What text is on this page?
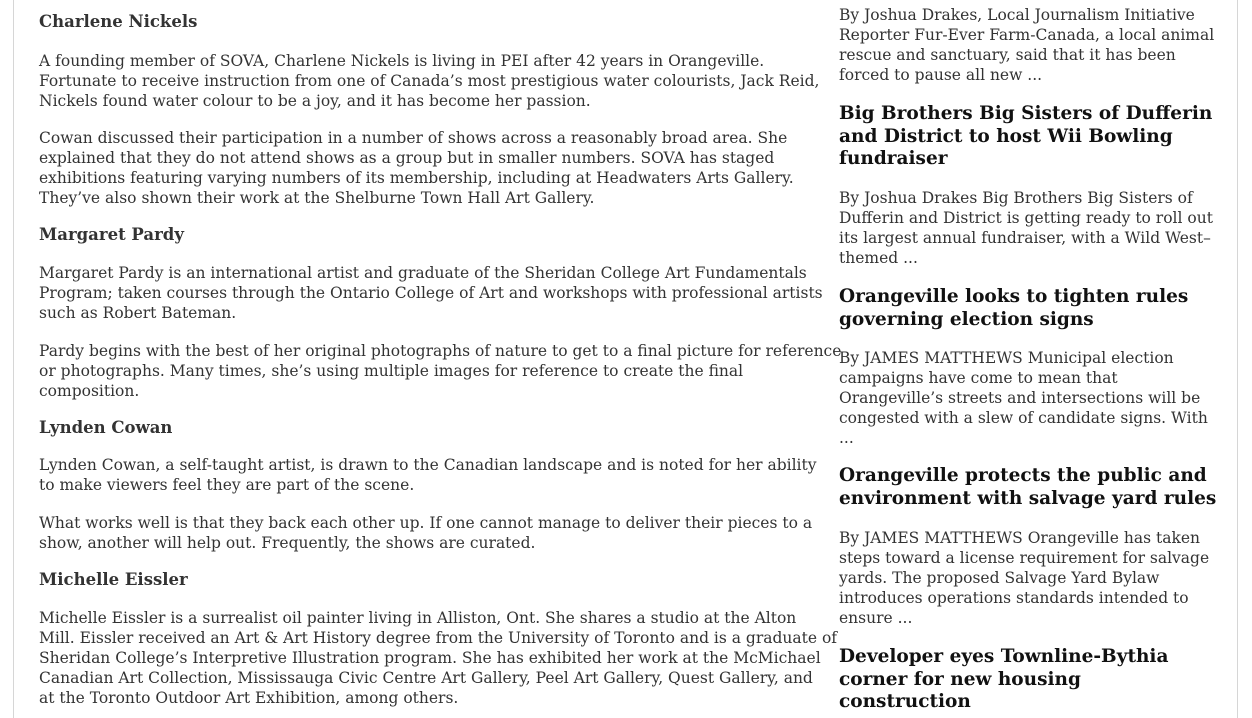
Charlene Nickels
A founding member of SOVA, Charlene Nickels is living in PEI after 42 years in Orangeville.
Fortunate to receive instruction from one of Canada’s most prestigious water colourists, Jack Reid,
Nickels found water colour to be a joy, and it has become her passion.
Cowan discussed their participation in a number of shows across a reasonably broad area. She
explained that they do not attend shows as a group but in smaller numbers. SOVA has staged
exhibitions featuring varying numbers of its membership, including at Headwaters Arts Gallery.
They’ve also shown their work at the Shelburne Town Hall Art Gallery.
Margaret Pardy
Margaret Pardy is an international artist and graduate of the Sheridan College Art Fundamentals
Program; taken courses through the Ontario College of Art and workshops with professional artists
such as Robert Bateman.
Pardy begins with the best of her original photographs of nature to get to a final picture for reference
or photographs. Many times, she’s using multiple images for reference to create the final
composition.
Lynden Cowan
Lynden Cowan, a self-taught artist, is drawn to the Canadian landscape and is noted for her ability
to make viewers feel they are part of the scene.
What works well is that they back each other up. If one cannot manage to deliver their pieces to a
show, another will help out. Frequently, the shows are curated.
Michelle Eissler
Michelle Eissler is a surrealist oil painter living in Alliston, Ont. She shares a studio at the Alton
Mill. Eissler received an Art & Art History degree from the University of Toronto and is a graduate of
Sheridan College’s Interpretive Illustration program. She has exhibited her work at the McMichael
Canadian Art Collection, Mississauga Civic Centre Art Gallery, Peel Art Gallery, Quest Gallery, and
at the Toronto Outdoor Art Exhibition, among others.
By Joshua Drakes, Local Journalism Initiative
Reporter Fur-Ever Farm-Canada, a local animal
rescue and sanctuary, said that it has been
forced to pause all new ...
Big Brothers Big Sisters of Dufferin
and District to host Wii Bowling
fundraiser
By Joshua Drakes Big Brothers Big Sisters of
Dufferin and District is getting ready to roll out
its largest annual fundraiser, with a Wild West–
themed ...
Orangeville looks to tighten rules
governing election signs
By JAMES MATTHEWS Municipal election
campaigns have come to mean that
Orangeville’s streets and intersections will be
congested with a slew of candidate signs. With
...
Orangeville protects the public and
environment with salvage yard rules
By JAMES MATTHEWS Orangeville has taken
steps toward a license requirement for salvage
yards. The proposed Salvage Yard Bylaw
introduces operations standards intended to
ensure ...
Developer eyes Townline-Bythia
corner for new housing
construction
